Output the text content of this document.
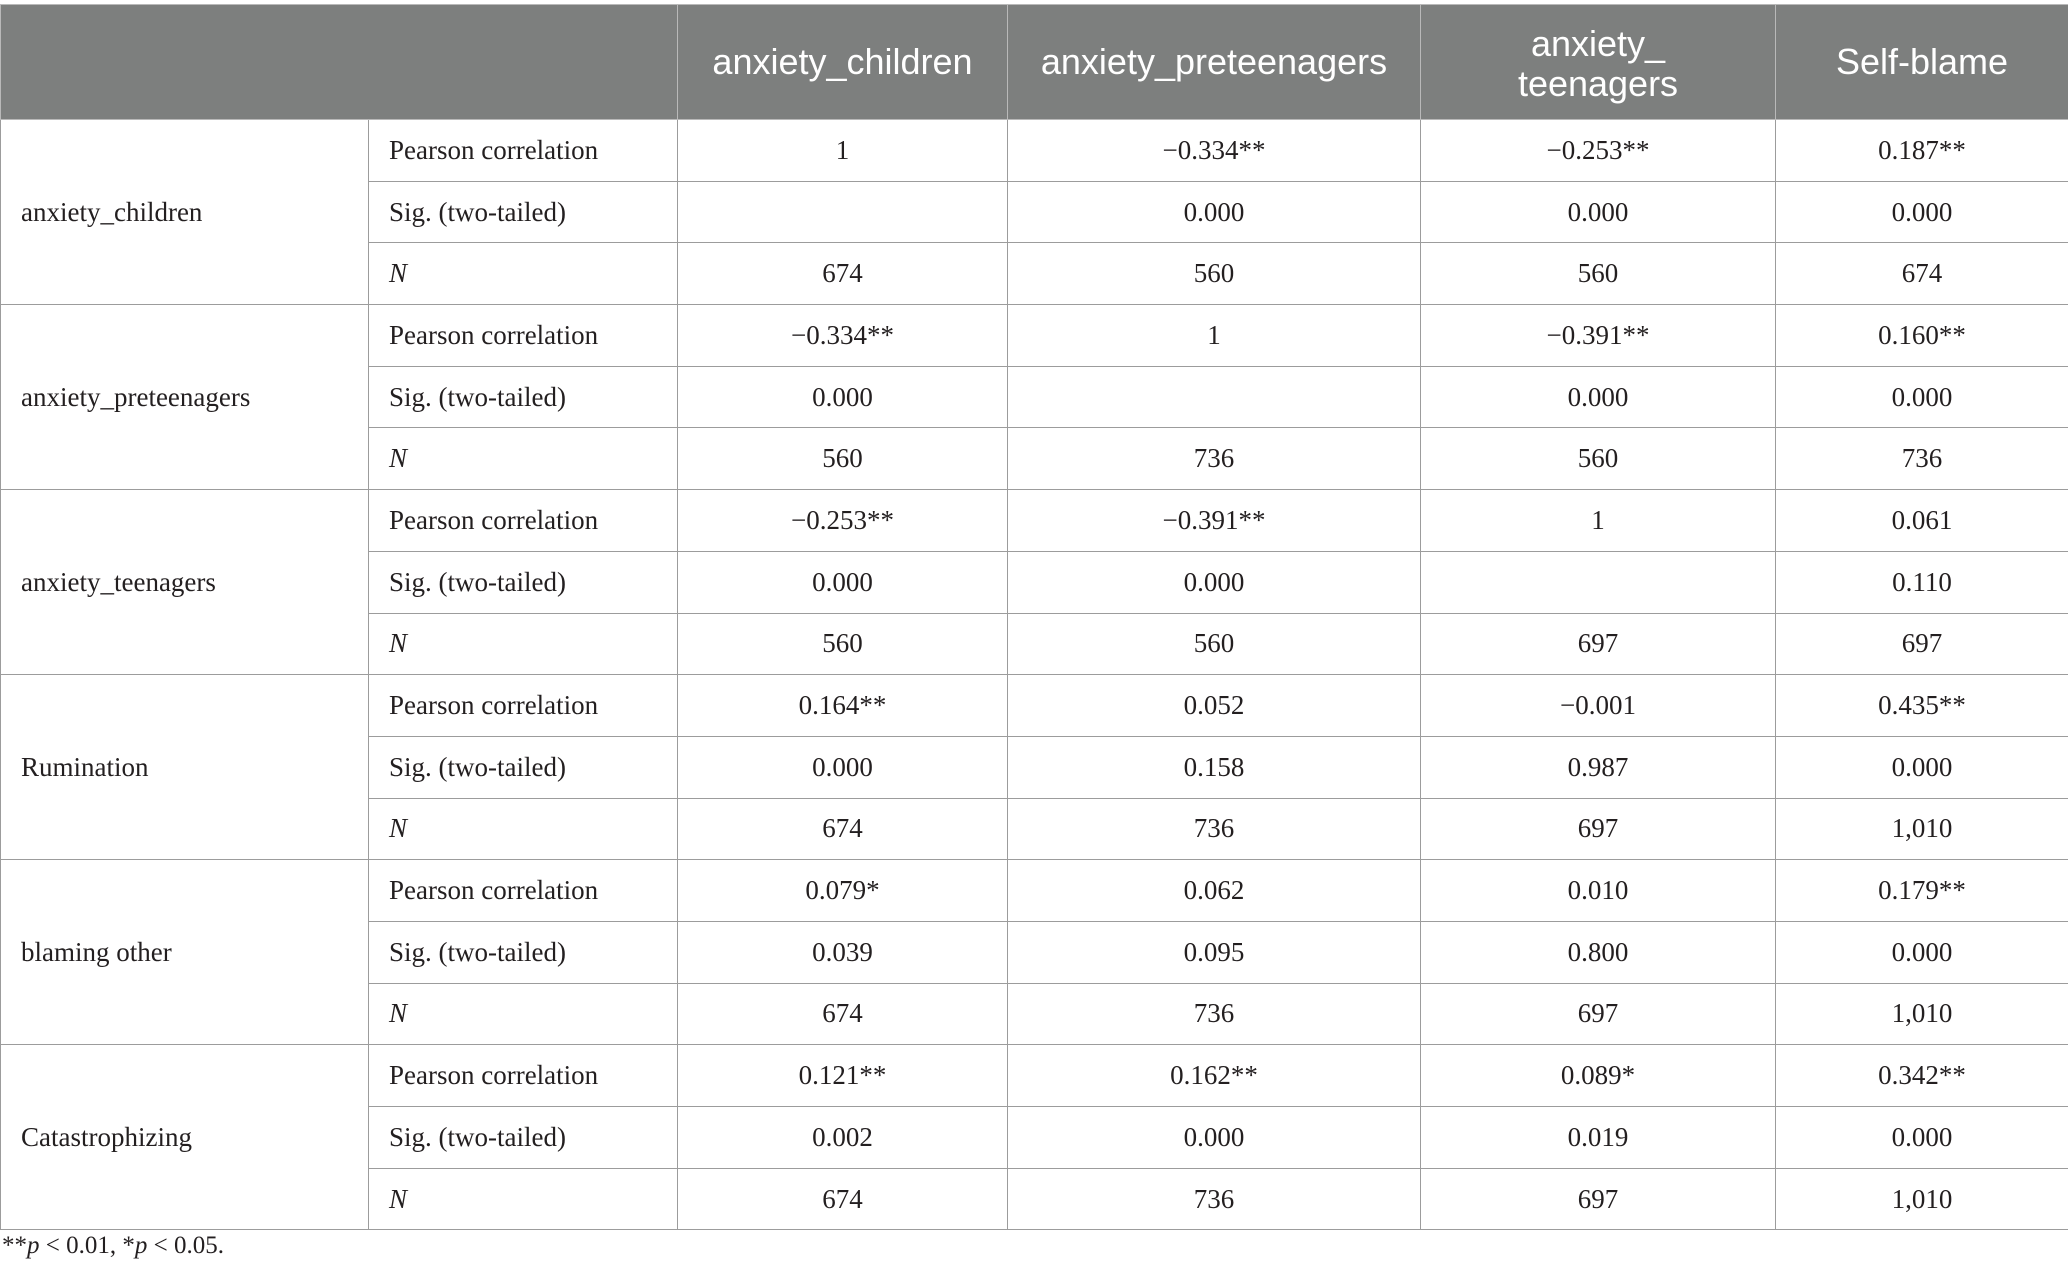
		anxiety_children	anxiety_preteenagers	anxiety_
teenagers	Self-blame
anxiety_children	Pearson correlation	1	−0.334**	−0.253**	0.187**
	Sig. (two-tailed)		0.000	0.000	0.000
	N	674	560	560	674
anxiety_preteenagers	Pearson correlation	−0.334**	1	−0.391**	0.160**
	Sig. (two-tailed)	0.000		0.000	0.000
	N	560	736	560	736
anxiety_teenagers	Pearson correlation	−0.253**	−0.391**	1	0.061
	Sig. (two-tailed)	0.000	0.000		0.110
	N	560	560	697	697
Rumination	Pearson correlation	0.164**	0.052	−0.001	0.435**
	Sig. (two-tailed)	0.000	0.158	0.987	0.000
	N	674	736	697	1,010
blaming other	Pearson correlation	0.079*	0.062	0.010	0.179**
	Sig. (two-tailed)	0.039	0.095	0.800	0.000
	N	674	736	697	1,010
Catastrophizing	Pearson correlation	0.121**	0.162**	0.089*	0.342**
	Sig. (two-tailed)	0.002	0.000	0.019	0.000
	N	674	736	697	1,010
**p < 0.01, *p < 0.05.
